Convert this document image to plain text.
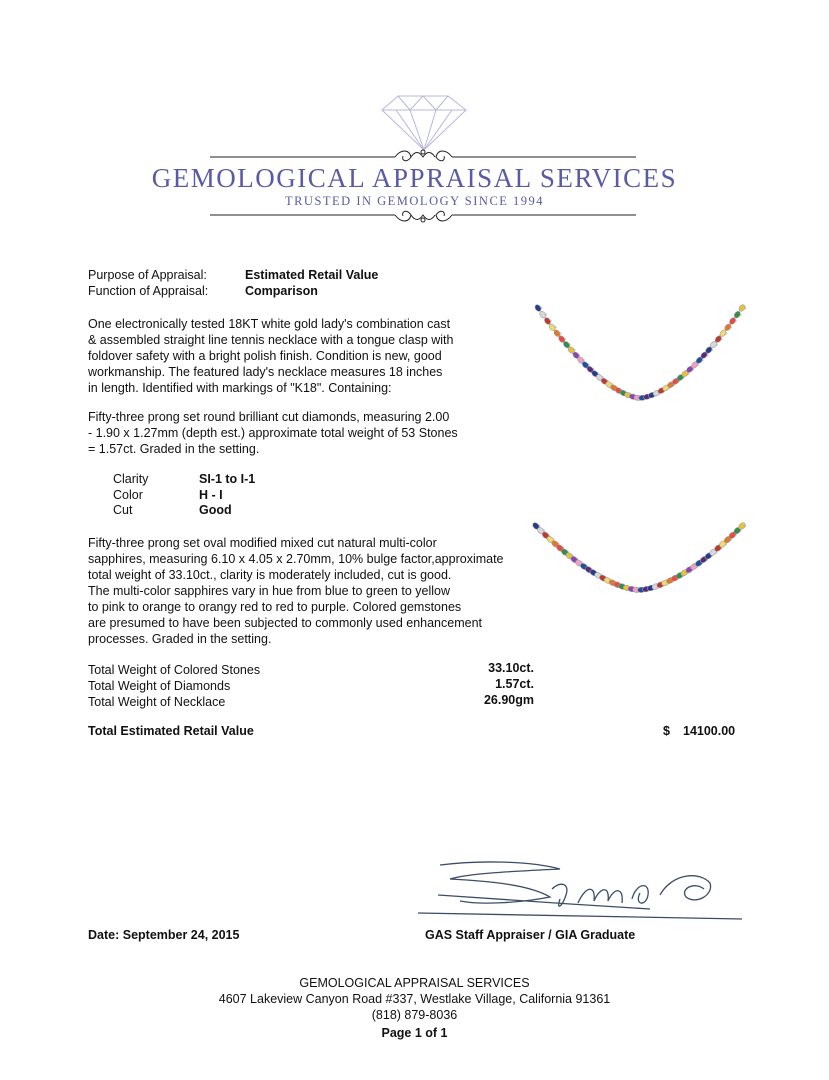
GEMOLOGICAL APPRAISAL SERVICES
TRUSTED IN GEMOLOGY SINCE 1994
Purpose of Appraisal:	Estimated Retail Value
Function of Appraisal:	Comparison
One electronically tested 18KT white gold lady's combination cast
& assembled straight line tennis necklace with a tongue clasp with
foldover safety with a bright polish finish. Condition is new, good
workmanship. The featured lady's necklace measures 18 inches
in length. Identified with markings of "K18". Containing:
Fifty-three prong set round brilliant cut diamonds, measuring 2.00
- 1.90 x 1.27mm (depth est.) approximate total weight of 53 Stones
= 1.57ct. Graded in the setting.
Clarity	SI-1 to I-1
Color	H - I
Cut	Good
Fifty-three prong set oval modified mixed cut natural multi-color
sapphires, measuring 6.10 x 4.05 x 2.70mm, 10% bulge factor,approximate
total weight of 33.10ct., clarity is moderately included, cut is good.
The multi-color sapphires vary in hue from blue to green to yellow
to pink to orange to orangy red to red to purple. Colored gemstones
are presumed to have been subjected to commonly used enhancement
processes. Graded in the setting.
Total Weight of Colored Stones	33.10ct.
Total Weight of Diamonds	1.57ct.
Total Weight of Necklace	26.90gm
Total Estimated Retail Value	$ 14100.00
Date: September 24, 2015	GAS Staff Appraiser / GIA Graduate
GEMOLOGICAL APPRAISAL SERVICES
4607 Lakeview Canyon Road #337, Westlake Village, California 91361
(818) 879-8036
Page 1 of 1
